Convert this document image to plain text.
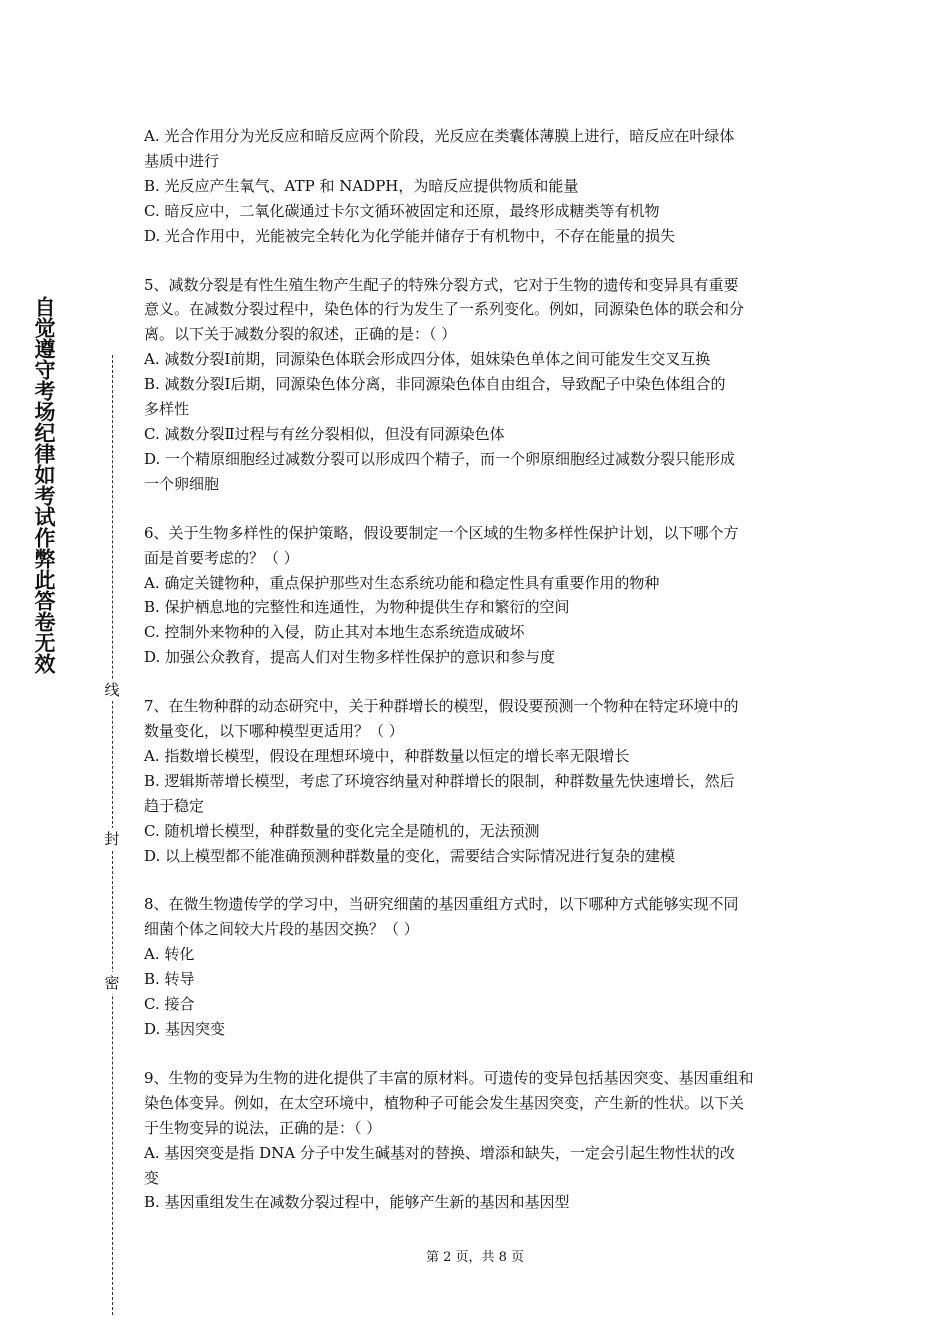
自觉遵守考场纪律如考试作弊此答卷无效
线
封
密
A. 光合作用分为光反应和暗反应两个阶段，光反应在类囊体薄膜上进行，暗反应在叶绿体
基质中进行
B. 光反应产生氧气、ATP 和 NADPH，为暗反应提供物质和能量
C. 暗反应中，二氧化碳通过卡尔文循环被固定和还原，最终形成糖类等有机物
D. 光合作用中，光能被完全转化为化学能并储存于有机物中，不存在能量的损失
5、减数分裂是有性生殖生物产生配子的特殊分裂方式，它对于生物的遗传和变异具有重要
意义。在减数分裂过程中，染色体的行为发生了一系列变化。例如，同源染色体的联会和分
离。以下关于减数分裂的叙述，正确的是：（ ）
A. 减数分裂Ⅰ前期，同源染色体联会形成四分体，姐妹染色单体之间可能发生交叉互换
B. 减数分裂Ⅰ后期，同源染色体分离，非同源染色体自由组合，导致配子中染色体组合的
多样性
C. 减数分裂Ⅱ过程与有丝分裂相似，但没有同源染色体
D. 一个精原细胞经过减数分裂可以形成四个精子，而一个卵原细胞经过减数分裂只能形成
一个卵细胞
6、关于生物多样性的保护策略，假设要制定一个区域的生物多样性保护计划，以下哪个方
面是首要考虑的？（ ）
A. 确定关键物种，重点保护那些对生态系统功能和稳定性具有重要作用的物种
B. 保护栖息地的完整性和连通性，为物种提供生存和繁衍的空间
C. 控制外来物种的入侵，防止其对本地生态系统造成破坏
D. 加强公众教育，提高人们对生物多样性保护的意识和参与度
7、在生物种群的动态研究中，关于种群增长的模型，假设要预测一个物种在特定环境中的
数量变化，以下哪种模型更适用？（ ）
A. 指数增长模型，假设在理想环境中，种群数量以恒定的增长率无限增长
B. 逻辑斯蒂增长模型，考虑了环境容纳量对种群增长的限制，种群数量先快速增长，然后
趋于稳定
C. 随机增长模型，种群数量的变化完全是随机的，无法预测
D. 以上模型都不能准确预测种群数量的变化，需要结合实际情况进行复杂的建模
8、在微生物遗传学的学习中，当研究细菌的基因重组方式时，以下哪种方式能够实现不同
细菌个体之间较大片段的基因交换？（ ）
A. 转化
B. 转导
C. 接合
D. 基因突变
9、生物的变异为生物的进化提供了丰富的原材料。可遗传的变异包括基因突变、基因重组和
染色体变异。例如，在太空环境中，植物种子可能会发生基因突变，产生新的性状。以下关
于生物变异的说法，正确的是：（ ）
A. 基因突变是指 DNA 分子中发生碱基对的替换、增添和缺失，一定会引起生物性状的改
变
B. 基因重组发生在减数分裂过程中，能够产生新的基因和基因型
第 2 页，共 8 页
